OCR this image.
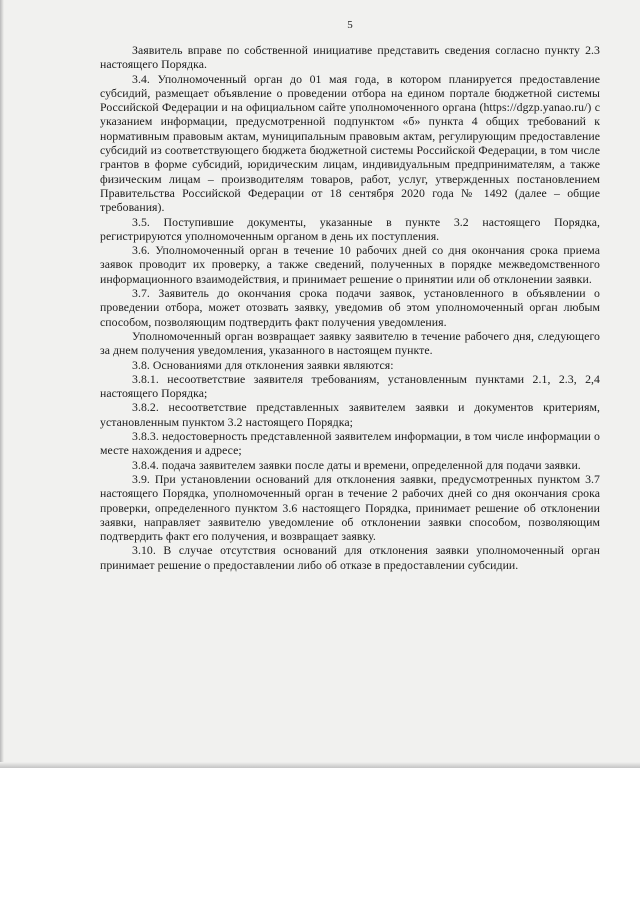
5

Заявитель вправе по собственной инициативе представить сведения согласно пункту 2.3 настоящего Порядка.

3.4. Уполномоченный орган до 01 мая года, в котором планируется предоставление субсидий, размещает объявление о проведении отбора на едином портале бюджетной системы Российской Федерации и на официальном сайте уполномоченного органа (https://dgzp.yanao.ru/) с указанием информации, предусмотренной подпунктом «б» пункта 4 общих требований к нормативным правовым актам, муниципальным правовым актам, регулирующим предоставление субсидий из соответствующего бюджета бюджетной системы Российской Федерации, в том числе грантов в форме субсидий, юридическим лицам, индивидуальным предпринимателям, а также физическим лицам – производителям товаров, работ, услуг, утвержденных постановлением Правительства Российской Федерации от 18 сентября 2020 года № 1492 (далее – общие требования).

3.5. Поступившие документы, указанные в пункте 3.2 настоящего Порядка, регистрируются уполномоченным органом в день их поступления.

3.6. Уполномоченный орган в течение 10 рабочих дней со дня окончания срока приема заявок проводит их проверку, а также сведений, полученных в порядке межведомственного информационного взаимодействия, и принимает решение о принятии или об отклонении заявки.

3.7. Заявитель до окончания срока подачи заявок, установленного в объявлении о проведении отбора, может отозвать заявку, уведомив об этом уполномоченный орган любым способом, позволяющим подтвердить факт получения уведомления.

Уполномоченный орган возвращает заявку заявителю в течение рабочего дня, следующего за днем получения уведомления, указанного в настоящем пункте.

3.8. Основаниями для отклонения заявки являются:

3.8.1. несоответствие заявителя требованиям, установленным пунктами 2.1, 2.3, 2,4 настоящего Порядка;

3.8.2. несоответствие представленных заявителем заявки и документов критериям, установленным пунктом 3.2 настоящего Порядка;

3.8.3. недостоверность представленной заявителем информации, в том числе информации о месте нахождения и адресе;

3.8.4. подача заявителем заявки после даты и времени, определенной для подачи заявки.

3.9. При установлении оснований для отклонения заявки, предусмотренных пунктом 3.7 настоящего Порядка, уполномоченный орган в течение 2 рабочих дней со дня окончания срока проверки, определенного пунктом 3.6 настоящего Порядка, принимает решение об отклонении заявки, направляет заявителю уведомление об отклонении заявки способом, позволяющим подтвердить факт его получения, и возвращает заявку.

3.10. В случае отсутствия оснований для отклонения заявки уполномоченный орган принимает решение о предоставлении либо об отказе в предоставлении субсидии.
